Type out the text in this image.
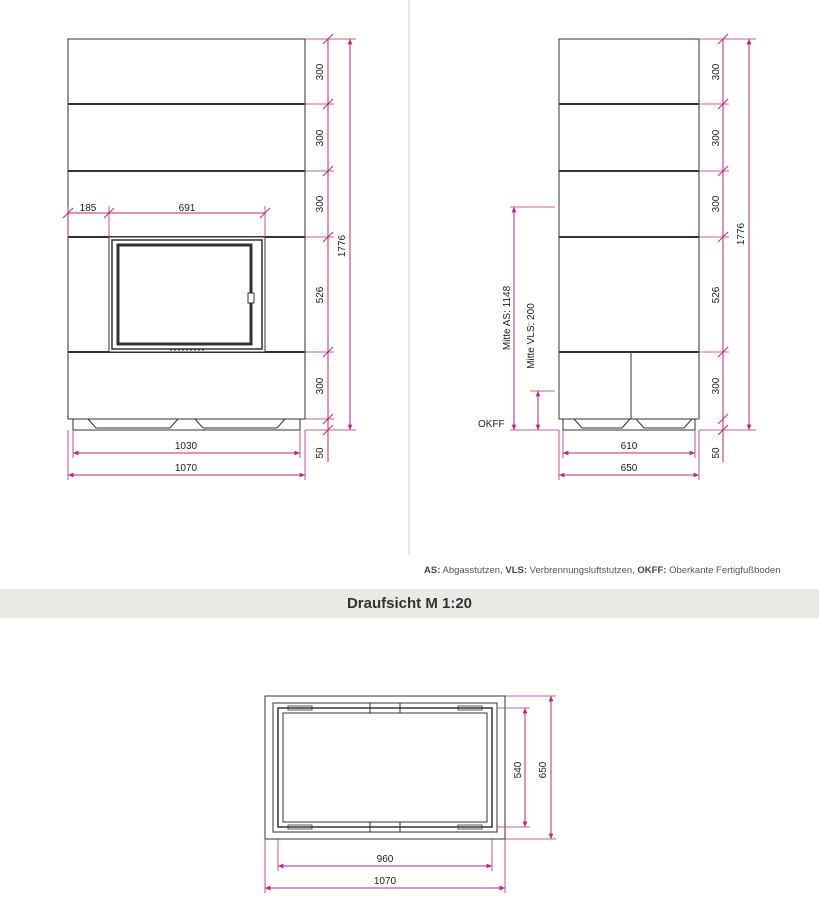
300
300
300
526
300
50
1776
185	691
1030
1070
300
300
300
526
300
50
1776
Mitte AS: 1148 Mitte VLS: 200
OKFF
610
650
540 650
960
1070
AS: Abgasstutzen, VLS: Verbrennungsluftstutzen, OKFF: Oberkante Fertigfußboden
Draufsicht M 1:20
